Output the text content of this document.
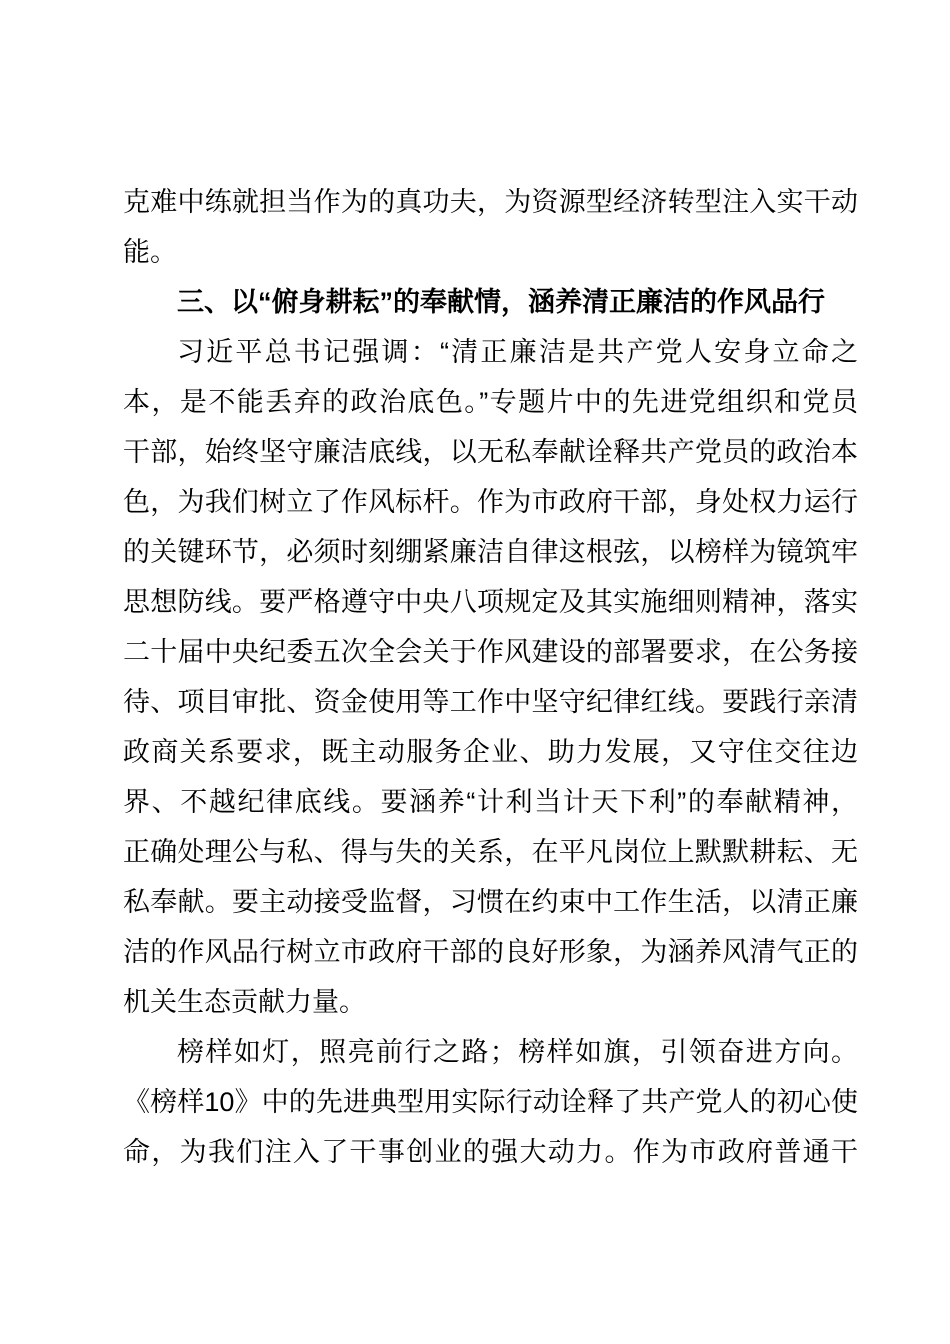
克难中练就担当作为的真功夫，为资源型经济转型注入实干动
能。
三、以“俯身耕耘”的奉献情，涵养清正廉洁的作风品行
习近平总书记强调：“清正廉洁是共产党人安身立命之
本，是不能丢弃的政治底色。”专题片中的先进党组织和党员
干部，始终坚守廉洁底线，以无私奉献诠释共产党员的政治本
色，为我们树立了作风标杆。作为市政府干部，身处权力运行
的关键环节，必须时刻绷紧廉洁自律这根弦，以榜样为镜筑牢
思想防线。要严格遵守中央八项规定及其实施细则精神，落实
二十届中央纪委五次全会关于作风建设的部署要求，在公务接
待、项目审批、资金使用等工作中坚守纪律红线。要践行亲清
政商关系要求，既主动服务企业、助力发展，又守住交往边
界、不越纪律底线。要涵养“计利当计天下利”的奉献精神，
正确处理公与私、得与失的关系，在平凡岗位上默默耕耘、无
私奉献。要主动接受监督，习惯在约束中工作生活，以清正廉
洁的作风品行树立市政府干部的良好形象，为涵养风清气正的
机关生态贡献力量。
榜样如灯，照亮前行之路；榜样如旗，引领奋进方向。
《榜样10》中的先进典型用实际行动诠释了共产党人的初心使
命，为我们注入了干事创业的强大动力。作为市政府普通干
